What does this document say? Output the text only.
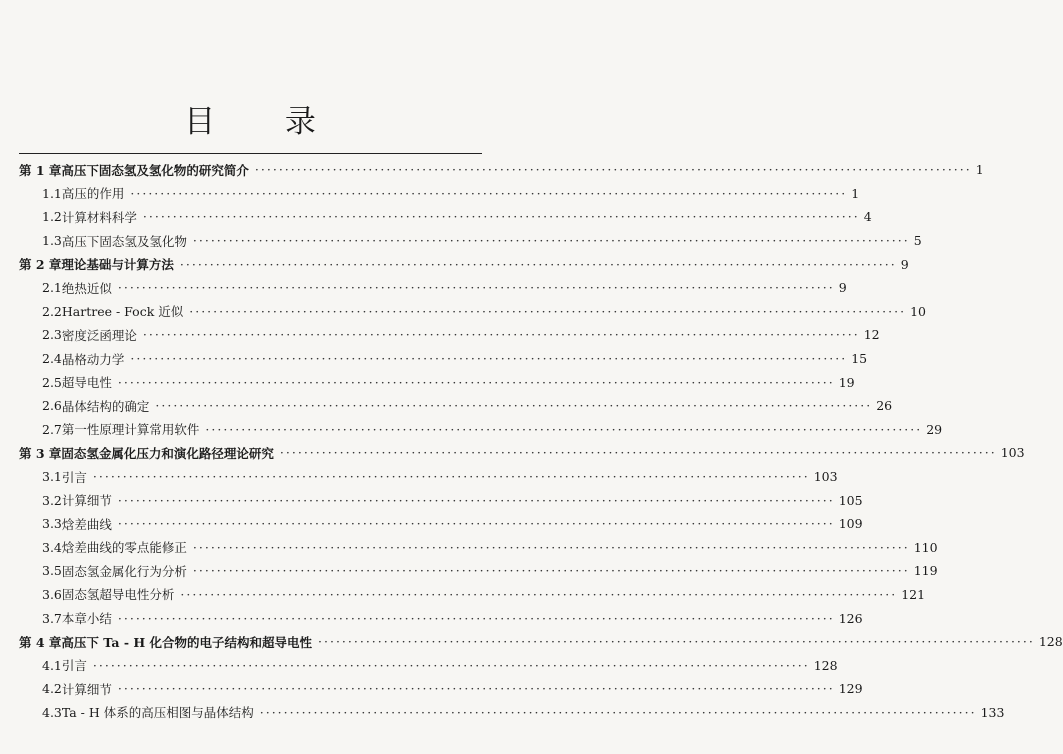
目 录
第 1 章 高压下固态氢及氢化物的研究简介 ························································································································ 1
1.1 高压的作用 ························································································································ 1
1.2 计算材料科学 ························································································································ 4
1.3 高压下固态氢及氢化物 ························································································································ 5
第 2 章 理论基础与计算方法 ························································································································ 9
2.1 绝热近似 ························································································································ 9
2.2 Hartree - Fock 近似 ························································································································ 10
2.3 密度泛函理论 ························································································································ 12
2.4 晶格动力学 ························································································································ 15
2.5 超导电性 ························································································································ 19
2.6 晶体结构的确定 ························································································································ 26
2.7 第一性原理计算常用软件 ························································································································ 29
第 3 章 固态氢金属化压力和演化路径理论研究 ························································································································ 103
3.1 引言 ························································································································ 103
3.2 计算细节 ························································································································ 105
3.3 焓差曲线 ························································································································ 109
3.4 焓差曲线的零点能修正 ························································································································ 110
3.5 固态氢金属化行为分析 ························································································································ 119
3.6 固态氢超导电性分析 ························································································································ 121
3.7 本章小结 ························································································································ 126
第 4 章 高压下 Ta - H 化合物的电子结构和超导电性 ························································································································ 128
4.1 引言 ························································································································ 128
4.2 计算细节 ························································································································ 129
4.3 Ta - H 体系的高压相图与晶体结构 ························································································································ 133
